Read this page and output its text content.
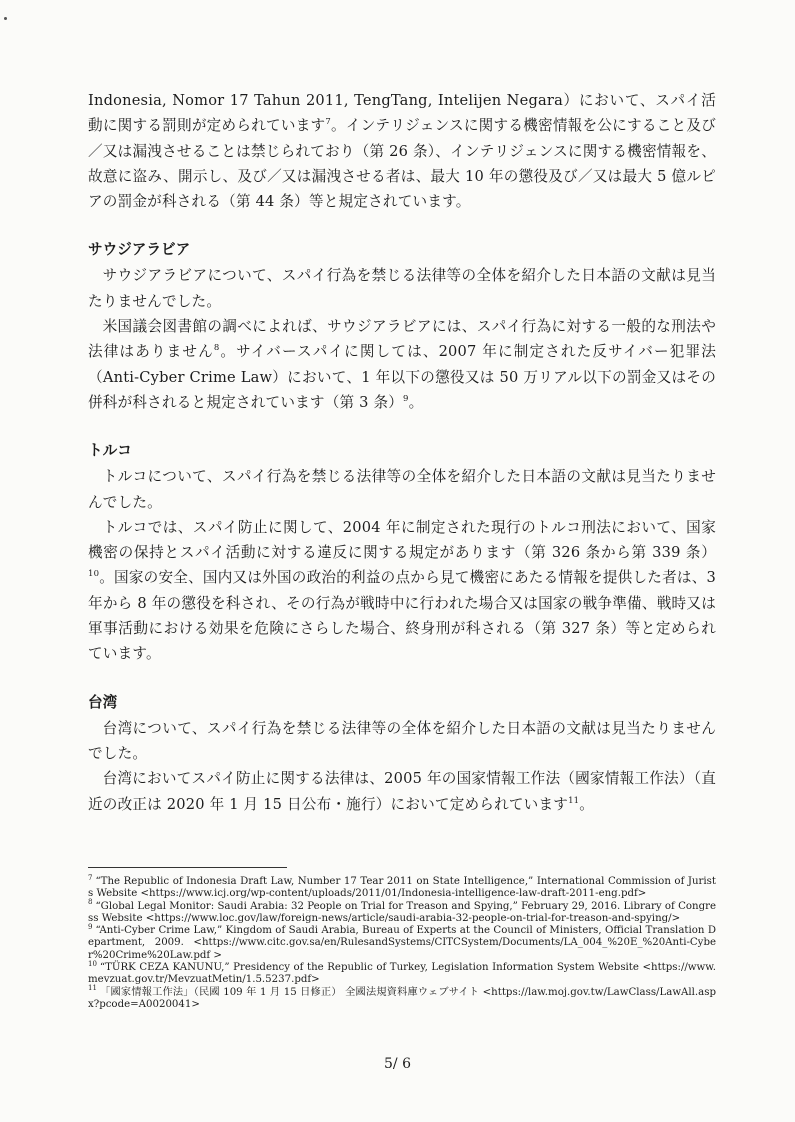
Indonesia, Nomor 17 Tahun 2011, TengTang, Intelijen Negara）において、スパイ活動に関する罰則が定められています$^7$。インテリジェンスに関する機密情報を公にすること及び／又は漏洩させることは禁じられており（第 26 条）、インテリジェンスに関する機密情報を、故意に盗み、開示し、及び／又は漏洩させる者は、最大 10 年の懲役及び／又は最大 5 億ルピアの罰金が科される（第 44 条）等と規定されています。

サウジアラビア

サウジアラビアについて、スパイ行為を禁じる法律等の全体を紹介した日本語の文献は見当たりませんでした。

米国議会図書館の調べによれば、サウジアラビアには、スパイ行為に対する一般的な刑法や法律はありません$^8$。サイバースパイに関しては、2007 年に制定された反サイバー犯罪法（Anti-Cyber Crime Law）において、1 年以下の懲役又は 50 万リアル以下の罰金又はその併科が科されると規定されています（第 3 条）$^9$。

トルコ

トルコについて、スパイ行為を禁じる法律等の全体を紹介した日本語の文献は見当たりませんでした。

トルコでは、スパイ防止に関して、2004 年に制定された現行のトルコ刑法において、国家機密の保持とスパイ活動に対する違反に関する規定があります（第 326 条から第 339 条）$^{10}$。国家の安全、国内又は外国の政治的利益の点から見て機密にあたる情報を提供した者は、3 年から 8 年の懲役を科され、その行為が戦時中に行われた場合又は国家の戦争準備、戦時又は軍事活動における効果を危険にさらした場合、終身刑が科される（第 327 条）等と定められています。

台湾

台湾について、スパイ行為を禁じる法律等の全体を紹介した日本語の文献は見当たりませんでした。

台湾においてスパイ防止に関する法律は、2005 年の国家情報工作法（國家情報工作法）（直近の改正は 2020 年 1 月 15 日公布・施行）において定められています$^{11}$。

$^7$ “The Republic of Indonesia Draft Law, Number 17 Tear 2011 on State Intelligence,” International Commission of Jurists Website <https://www.icj.org/wp-content/uploads/2011/01/Indonesia-intelligence-law-draft-2011-eng.pdf>

$^8$ “Global Legal Monitor: Saudi Arabia: 32 People on Trial for Treason and Spying,” February 29, 2016. Library of Congress Website <https://www.loc.gov/law/foreign-news/article/saudi-arabia-32-people-on-trial-for-treason-and-spying/>

$^9$ “Anti-Cyber Crime Law,” Kingdom of Saudi Arabia, Bureau of Experts at the Council of Ministers, Official Translation Department, 2009. <https://www.citc.gov.sa/en/RulesandSystems/CITCSystem/Documents/LA_004_%20E_%20Anti-Cyber%20Crime%20Law.pdf >

$^{10}$ “TÜRK CEZA KANUNU,” Presidency of the Republic of Turkey, Legislation Information System Website <https://www.mevzuat.gov.tr/MevzuatMetin/1.5.5237.pdf>

$^{11}$ 「國家情報工作法」（民國 109 年 1 月 15 日修正） 全國法規資料庫ウェブサイト <https://law.moj.gov.tw/LawClass/LawAll.aspx?pcode=A0020041>

5/ 6
